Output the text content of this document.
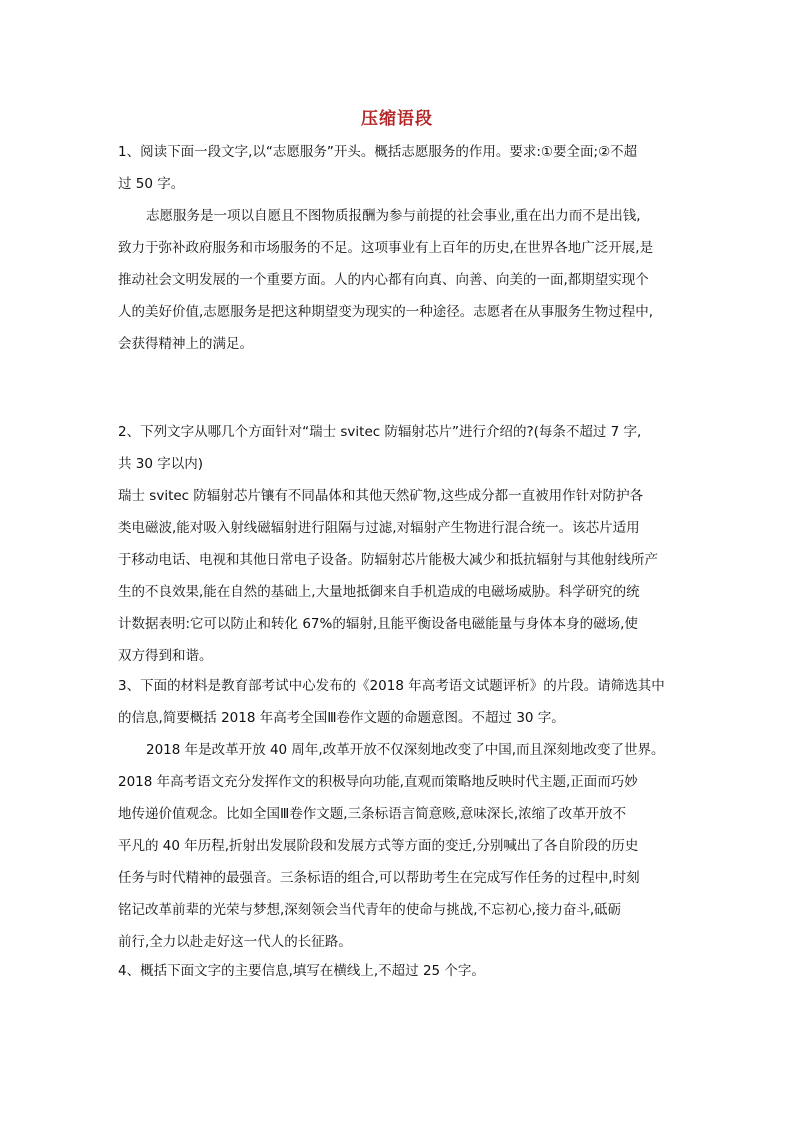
压缩语段
1、阅读下面一段文字,以“志愿服务”开头。概括志愿服务的作用。要求:①要全面;②不超
过 50 字。
志愿服务是一项以自愿且不图物质报酬为参与前提的社会事业,重在出力而不是出钱,
致力于弥补政府服务和市场服务的不足。这项事业有上百年的历史,在世界各地广泛开展,是
推动社会文明发展的一个重要方面。人的内心都有向真、向善、向美的一面,都期望实现个
人的美好价值,志愿服务是把这种期望变为现实的一种途径。志愿者在从事服务生物过程中,
会获得精神上的满足。
2、下列文字从哪几个方面针对“瑞士 svitec 防辐射芯片”进行介绍的?(每条不超过 7 字,
共 30 字以内)
瑞士 svitec 防辐射芯片镶有不同晶体和其他天然矿物,这些成分都一直被用作针对防护各
类电磁波,能对吸入射线磁辐射进行阻隔与过滤,对辐射产生物进行混合统一。该芯片适用
于移动电话、电视和其他日常电子设备。防辐射芯片能极大减少和抵抗辐射与其他射线所产
生的不良效果,能在自然的基础上,大量地抵御来自手机造成的电磁场威胁。科学研究的统
计数据表明:它可以防止和转化 67%的辐射,且能平衡设备电磁能量与身体本身的磁场,使
双方得到和谐。
3、下面的材料是教育部考试中心发布的《2018 年高考语文试题评析》的片段。请筛选其中
的信息,简要概括 2018 年高考全国Ⅲ卷作文题的命题意图。不超过 30 字。
2018 年是改革开放 40 周年,改革开放不仅深刻地改变了中国,而且深刻地改变了世界。
2018 年高考语文充分发挥作文的积极导向功能,直观而策略地反映时代主题,正面而巧妙
地传递价值观念。比如全国Ⅲ卷作文题,三条标语言简意赅,意味深长,浓缩了改革开放不
平凡的 40 年历程,折射出发展阶段和发展方式等方面的变迁,分别喊出了各自阶段的历史
任务与时代精神的最强音。三条标语的组合,可以帮助考生在完成写作任务的过程中,时刻
铭记改革前辈的光荣与梦想,深刻领会当代青年的使命与挑战,不忘初心,接力奋斗,砥砺
前行,全力以赴走好这一代人的长征路。
4、概括下面文字的主要信息,填写在横线上,不超过 25 个字。
